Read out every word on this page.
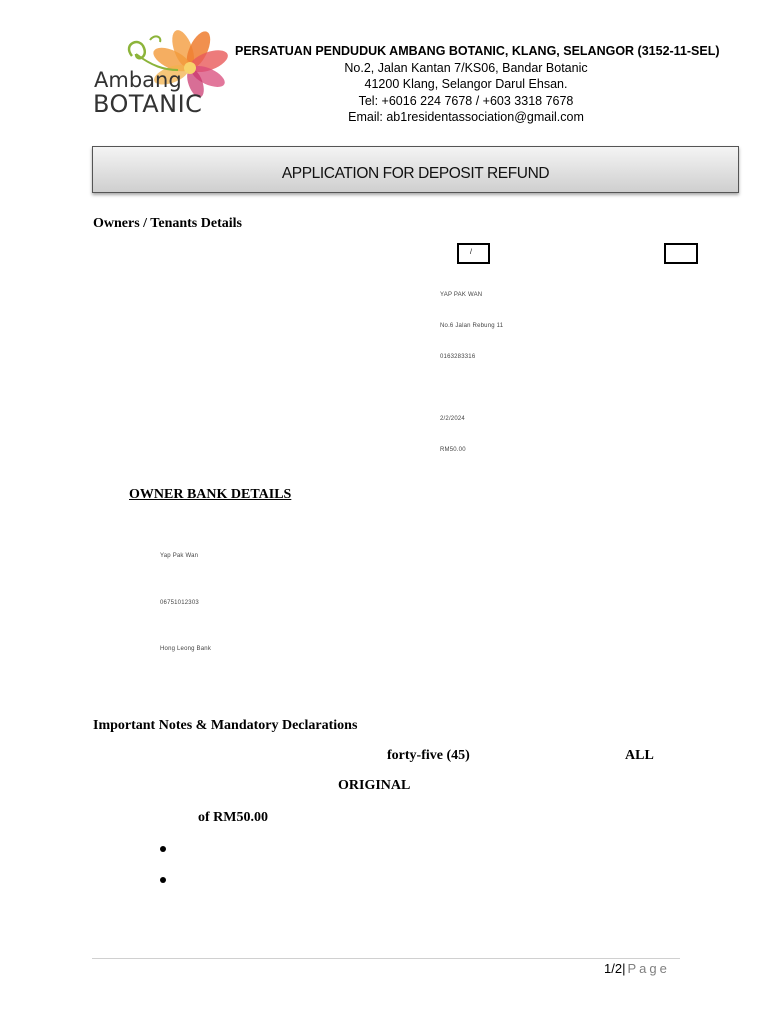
Ambang
BOTANIC
PERSATUAN PENDUDUK AMBANG BOTANIC, KLANG, SELANGOR (3152-11-SEL)
No.2, Jalan Kantan 7/KS06, Bandar Botanic
41200 Klang, Selangor Darul Ehsan.
Tel: +6016 224 7678 / +603 3318 7678
Email: ab1residentassociation@gmail.com
APPLICATION FOR DEPOSIT REFUND
Owners / Tenants Details
/
YAP PAK WAN
No.6 Jalan Rebung 11
0163283316
2/2/2024
RM50.00
OWNER BANK DETAILS
Yap Pak Wan
06751012303
Hong Leong Bank
Important Notes & Mandatory Declarations
forty-five (45)	ALL
ORIGINAL
of RM50.00
1/2| Page
